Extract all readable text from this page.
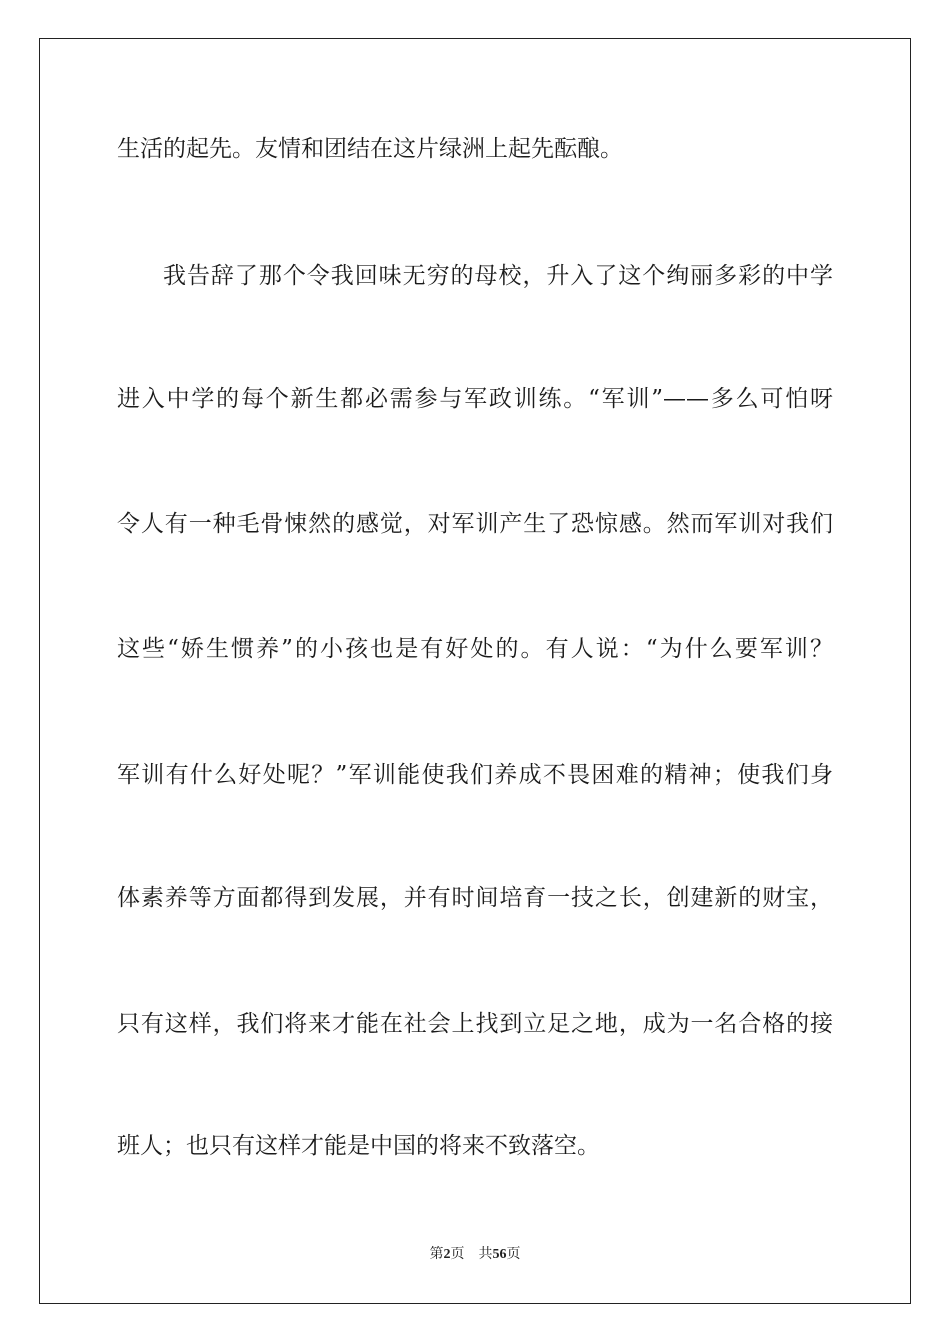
生活的起先。友情和团结在这片绿洲上起先酝酿。
我告辞了那个令我回味无穷的母校，升入了这个绚丽多彩的中学
进入中学的每个新生都必需参与军政训练。“军训”——多么可怕呀
令人有一种毛骨悚然的感觉，对军训产生了恐惊感。然而军训对我们
这些“娇生惯养”的小孩也是有好处的。有人说：“为什么要军训？
军训有什么好处呢？”军训能使我们养成不畏困难的精神；使我们身
体素养等方面都得到发展，并有时间培育一技之长，创建新的财宝，
只有这样，我们将来才能在社会上找到立足之地，成为一名合格的接
班人；也只有这样才能是中国的将来不致落空。
第2页 共56页
